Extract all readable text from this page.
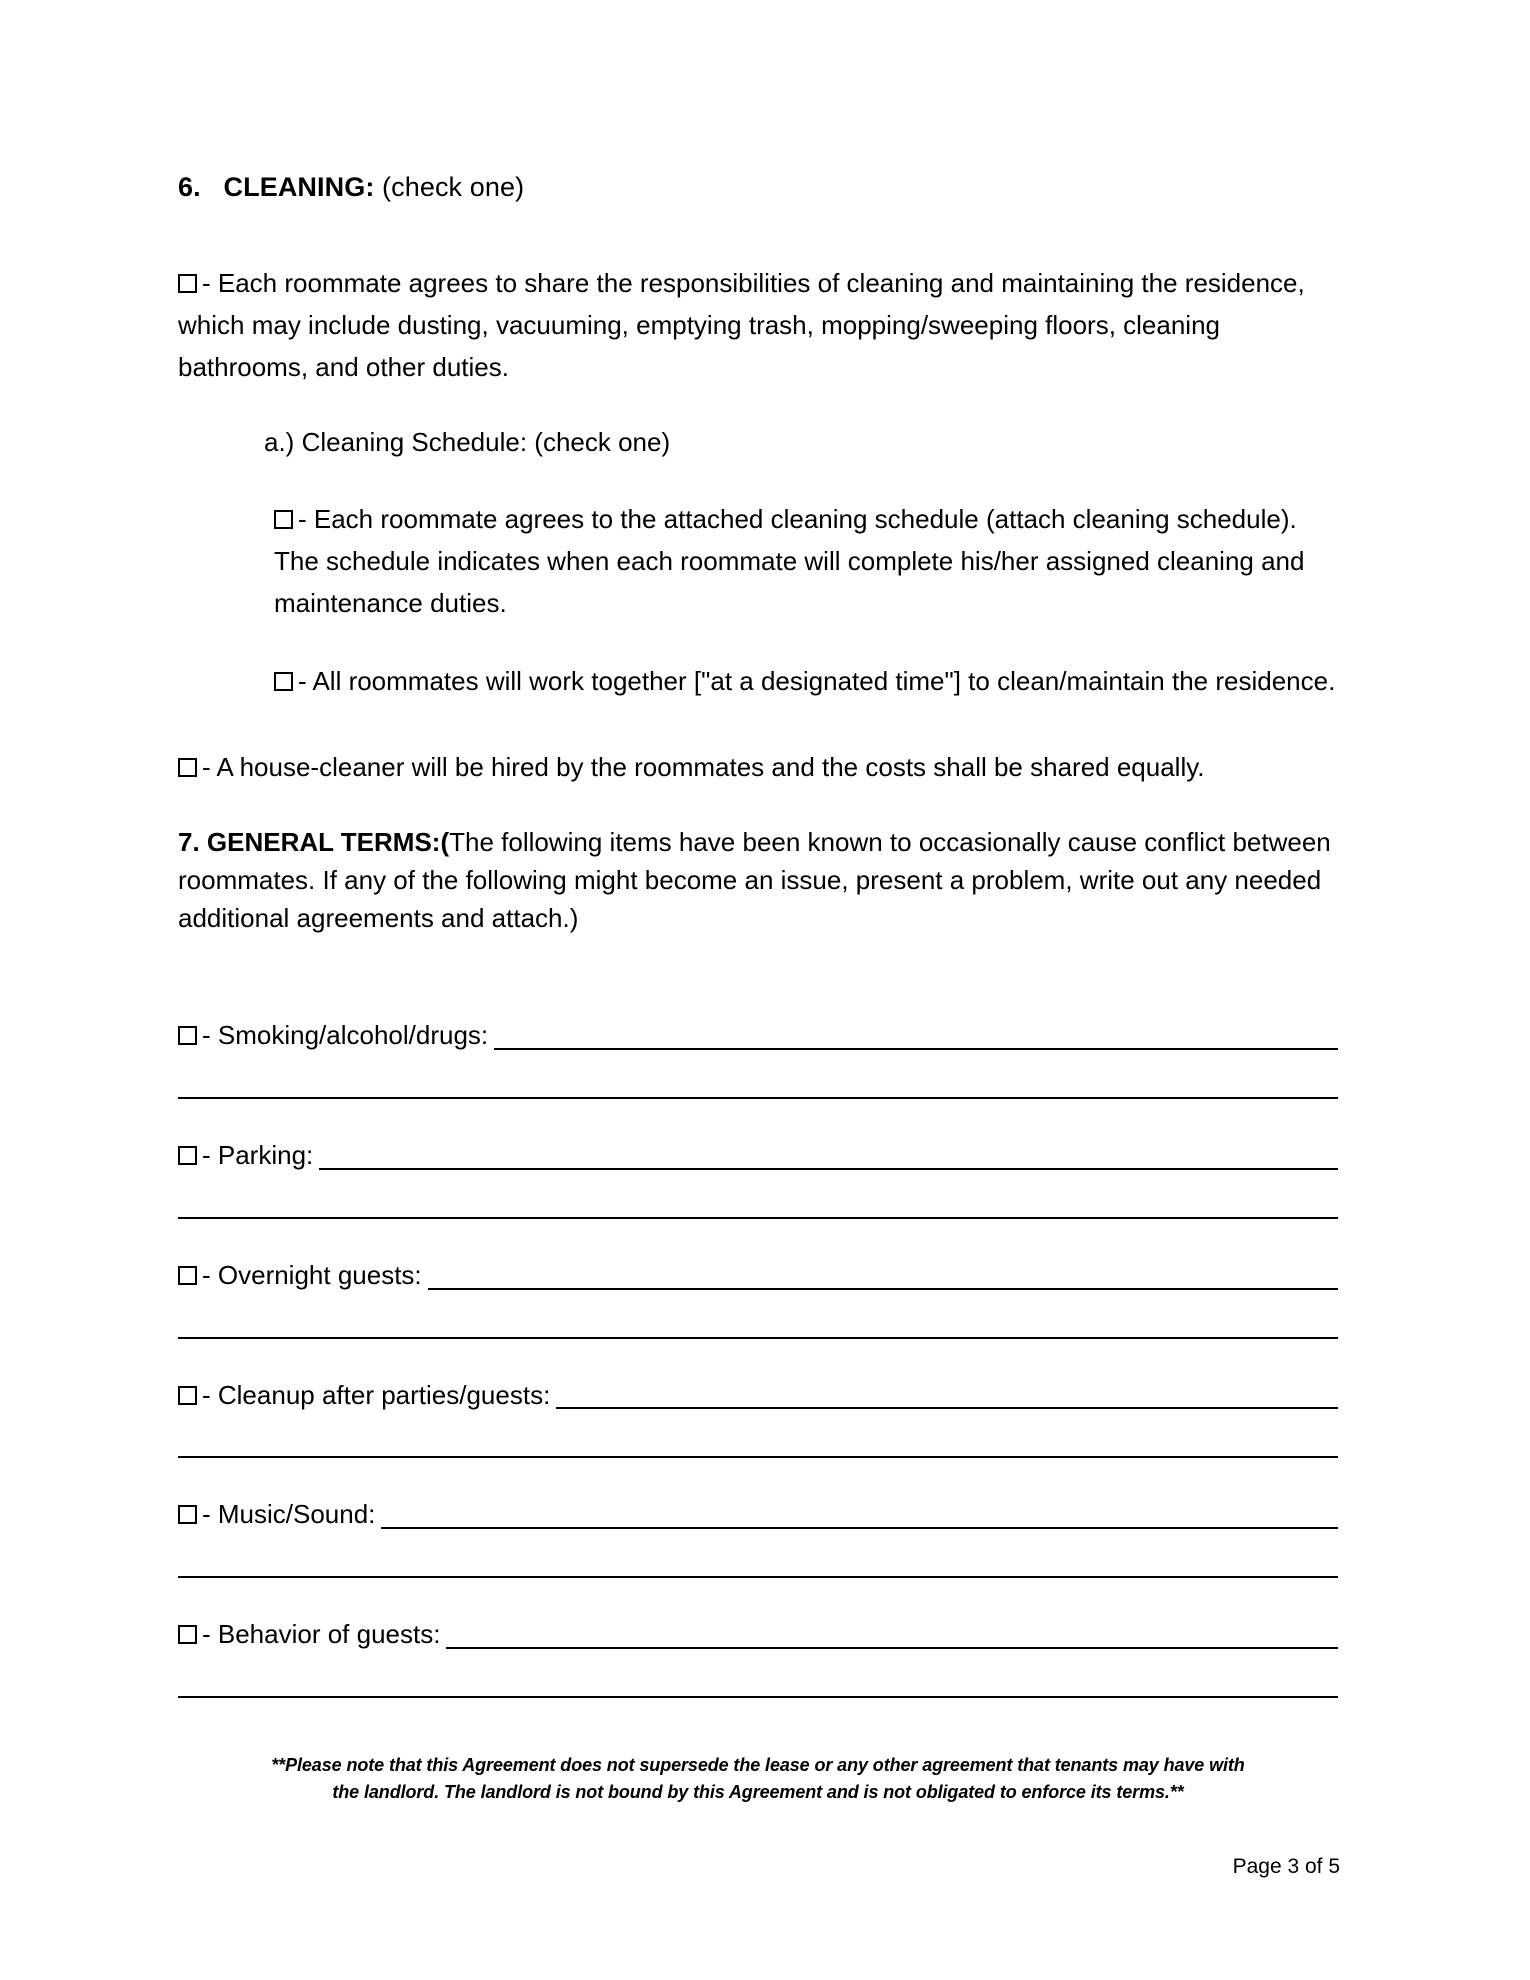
6. CLEANING: (check one)

- Each roommate agrees to share the responsibilities of cleaning and maintaining the residence, which may include dusting, vacuuming, emptying trash, mopping/sweeping floors, cleaning bathrooms, and other duties.

a.) Cleaning Schedule: (check one)

- Each roommate agrees to the attached cleaning schedule (attach cleaning schedule). The schedule indicates when each roommate will complete his/her assigned cleaning and maintenance duties.

- All roommates will work together ["at a designated time"] to clean/maintain the residence.

- A house-cleaner will be hired by the roommates and the costs shall be shared equally.

7. GENERAL TERMS:(The following items have been known to occasionally cause conflict between roommates. If any of the following might become an issue, present a problem, write out any needed additional agreements and attach.)

- Smoking/alcohol/drugs:
- Parking:
- Overnight guests:
- Cleanup after parties/guests:
- Music/Sound:
- Behavior of guests:
**Please note that this Agreement does not supersede the lease or any other agreement that tenants may have with
the landlord. The landlord is not bound by this Agreement and is not obligated to enforce its terms.**
Page 3 of 5
